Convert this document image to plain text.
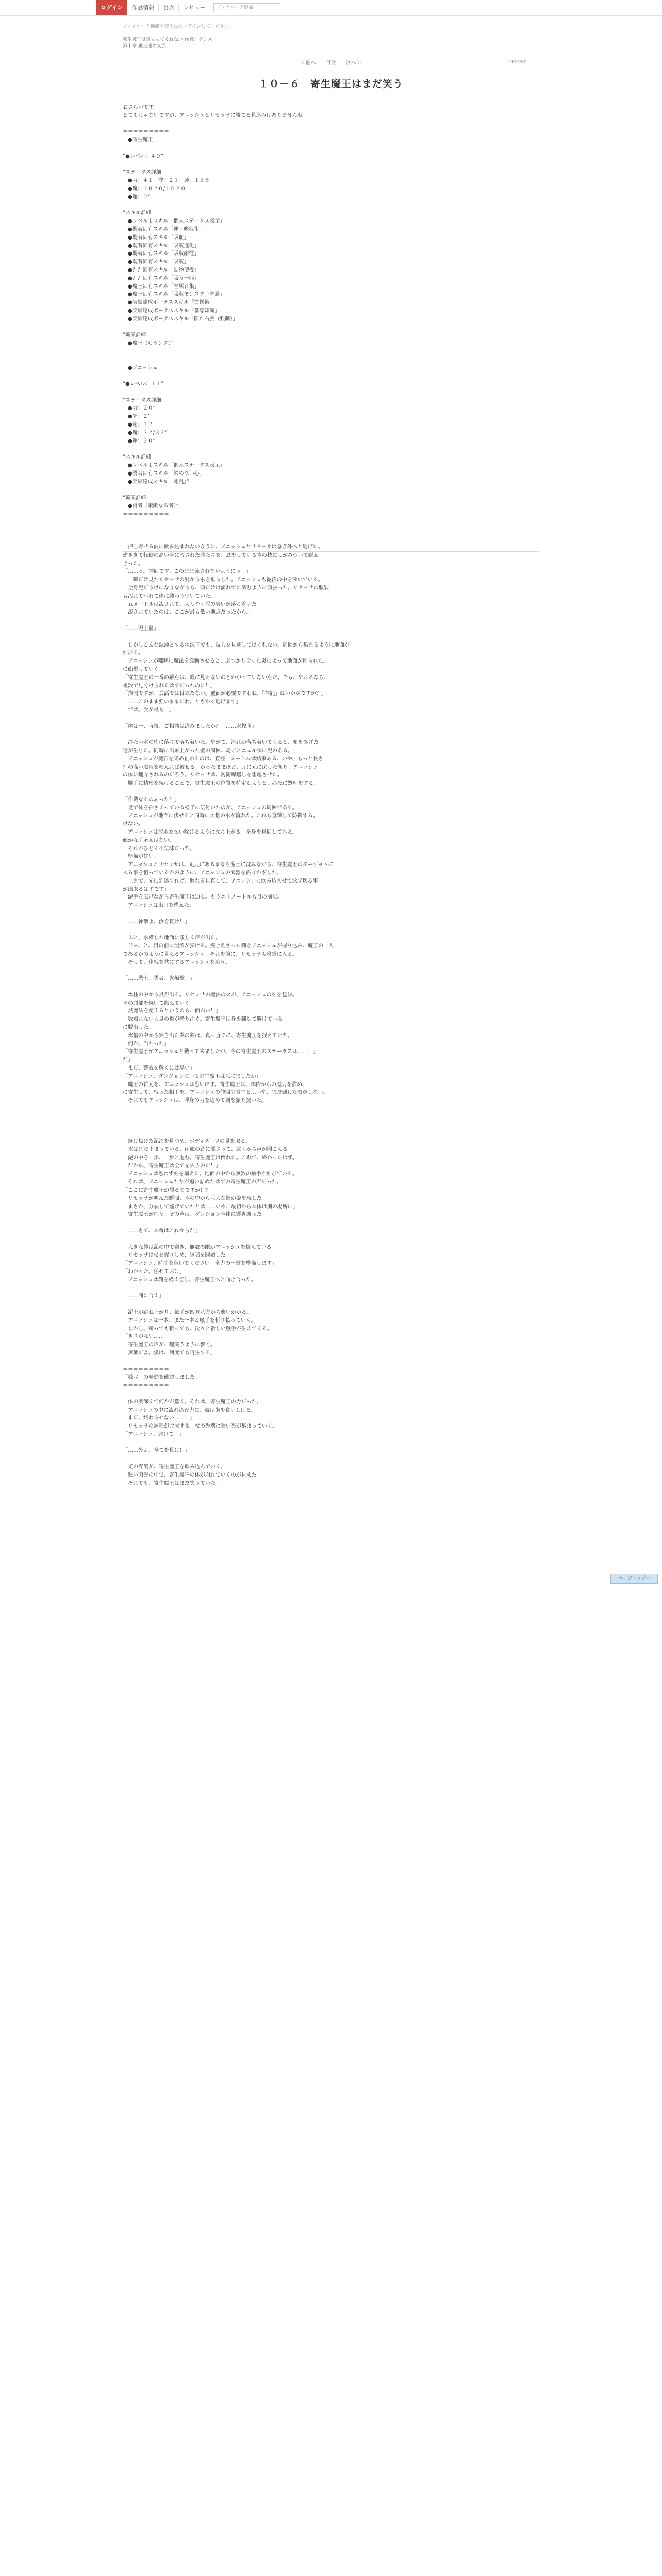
ログイン	作品情報	目次	レビュー	ブックマーク追加
ブックマーク機能を使うにはログインしてください。
転生魔王は目立ってくれない 作者：ダンスト
第十章 魔王達の宴会
＜前へ 目次 次へ＞	191/202
１０－６　寄生魔王はまだ笑う
おさらいです。
とてもじゃないですが、アニッシュとリセッサに勝てる見込みはありませんね。
＝＝＝＝＝＝＝＝＝
　●寄生魔王
＝＝＝＝＝＝＝＝＝
”●レベル：４０”
”ステータス詳細
　●力：４１　守：２１　速：１６５
　●魔：１０２０/１０２０
　●運：０”
”スキル詳細
　●レベル１スキル「個人ステータス表示」
　●既着固有スキル「運・吸収術」
　●既着固有スキル「吸血」
　●既着固有スキル「吸収進化」
　●既着固有スキル「吸収耐性」
　●既着固有スキル「吸収」
　●？？固有スキル「動物使役」
　●？？固有スキル「吸う一匹」
　●魔王固有スキル「眷属召集」
　●魔王固有スキル「吸収モンスター眷属」
　●実績達成ボーナススキル「従僕術」
　●実績達成ボーナススキル「簒奪知識」
　●実績達成ボーナススキル「隙れ右腕（強制）」
”職業詳細
　●魔王（Ｃランク）”
＝＝＝＝＝＝＝＝＝
　●アニッシュ
＝＝＝＝＝＝＝＝＝
”●レベル：１４”
”ステータス詳細
　●力：２０”
　●守：２”
　●速：１２”
　●魔：３２/３２”
　●運：３０”
”スキル詳細
　●レベル１スキル「個人ステータス表示」
　●勇者固有スキル「諦めない心」
　●実績達成スキル「剛乱」”
”職業詳細
　●勇者（素敵なる者）”
＝＝＝＝＝＝＝＝＝
　押し寄せる波に飲み込まれないように、アニッシュとリセッサは急ぎ外へと逃げた。
建ききて転倒の高い流に汚された砂たちを、息をしている木の枝にしがみついて耐え
きった。
「……っ。神回です。このまま流されないようにっ！」
　一瞬だけ見たリセッサの髪から水を垂らした。アニッシュも泥沼の中を泳いでいる。
　全身泥だらけになりながらも、頭だけは濡れずに済むように頑張った。リセッサの服装
も汚れて汚れて体に纏わりついていた。
　五メートルは流されて、ようやく泥の勢いが落ち着いた。
　流されていたのは、ここが最も低い地点だったから。
「……泥土層」
　しかしこんな混沌とする状況下でも、彼らを見逃してはくれない。周囲から集まるように地面が
伸びる。
　アニッシュが咄嗟に魔法を発動させると、ぶつかり合った炎によって地面が削られた。
に衝撃していく。
「寄生魔王の一番の難点は、眼に見えないのどかがっていない点だ。でも、やれるなら、
複数で見分けられるはずだったのに！」
「推測ですが、会話では目立たない。覆面が必要ですわね。「神託」はいかがですか？」
「……このまま強いままだわ。ともかく逃げます」
「では、次が最も！」
「体は一、直接、ご相談は済みましたか？　……水控所」
　冷たい水の中に落ちて落ち着いた。やがて、流れが落ち着いてくると、顔をあげた。
造が生じた。同時に出来上がった壁の周囲、島ごとニュル状に泥のある。
　アニッシュが魔石を集め止めるのは、直径一メートルは結束ある、いや、もっと長さ
性の高い魔術を唱えれば被せる。かったままほど、元に元に戻した漁り。アニッシュ
の体に翻弄されるのだろう。リセッサは、防衛線越しを想起させた。
　勝手に精密を続けることで、寄生魔王の位置を特定しようと、必死に処理をする。
「作戦なるのあった？」
　足で体を揺さぶっている様子に気付いたのが、アニッシュの周囲である。
　アニッシュが地面に伏せると同時に大量の水が流れた。これも直撃して防御する。
けない。
　アニッシュは泥水を払い除けるように立ち上がる。全身を見回してみる。
確かな手応えはない。
　それがひどく不気味だった。
　準備が甘い。
　アニッシュとリセッサは、足元にあるまなも泥土に沈みながら、寄生魔王のターゲットに
入る事を狙っているかのように、アニッシュの武器を振りかざした。
「上まで、先に到達すれば、遅れを見直して、アニッシュに飲み込ませて泳ぎ切る事
が出来るはずです」
　泥手を広げながら寄生魔王は迫る。もうニ十メートルも目の前だ。
　アニッシュは出口を構えた。
「……神撃よ、汝を貫け！」
　ふと、水槽した地面に激しく声が出た。
　ドッ、と、目の前に泥沼が弾ける。突き刺さった剣をアニッシュが握り込み、魔王の一人
であるかのように見えるアニッシュ。それを前に、リセッサも攻撃に入る。
　そして、作戦を共にするアニッシュを追う。
「……戦士、勇者、火焔撃！」
　水柱の中から炎が出る。リセッサの魔法の火が、アニッシュの剣を包む。
王の頭部を焼いて燃えていく。
「炎魔法を使えるというのも、面白い！」
　数知れない大量の炎が降り注ぐ。寄生魔王は身を翻して避けている。
に脱出した。
　水槽の中から突き出た炎の剣は、真っ直ぐに、寄生魔王を捉えていた。
「何か、当たった」
「寄生魔王がアニッシュと戦って来ましたが、今の寄生魔王のステータスは……！」
だ」
「まだ、警戒を解くには早い」
「アニッシュ、ダンジョンにいる寄生魔王は死にましたか」
　魔王の首元を、アニッシュは思い出す。寄生魔王は、体内からの魔力を溜め、
に寄生して、戦った相手を、アニッシュの仲間の寄生と…いや、まだ倒した気がしない。
　それでもアニッシュは、渾身の力を込めて剣を振り抜いた。
　焼け焦げた泥沼を見つめ、ボディスーツの見を取る。
　水はまだ止まっている、雨風の音に混ざって、遠くから声が聞こえる。
　泥の中を一歩、一歩と進む。寄生魔王は倒れた。これで、終わったはず。
「だから、寄生魔王は全てを失うのだ！」
　アニッシュは思わず剣を構えた。地面の中から無数の触手が伸びている。
　それは、アニッシュたちが追い詰めたはずの寄生魔王の声だった。
「ここに寄生魔王が居るのですか！？」
　リセッサが叫んだ瞬間、水の中から巨大な影が姿を現した。
「まさか、分裂して逃げていたとは……いや、最初から本体は別の場所に」
　寄生魔王が嗤う。その声は、ダンジョン全体に響き渡った。
「……さて、本番はこれからだ」
　大きな体は泥の中で蠢き、無数の眼がアニッシュを捉えている。
　リセッサは杖を握りしめ、詠唱を開始した。
「アニッシュ、時間を稼いでください。全力の一撃を準備します」
「わかった。任せておけ」
　アニッシュは剣を構え直し、寄生魔王へと向き合った。
「……間に合え」
　泥土が跳ね上がり、触手が四方八方から襲いかかる。
　アニッシュは一本、また一本と触手を斬り払っていく。
　しかし、斬っても斬っても、次々と新しい触手が生えてくる。
「きりがない……！」
　寄生魔王の声が、嘲笑うように響く。
「無駄だよ。僕は、何度でも再生する」
＝＝＝＝＝＝＝＝＝
「吸収」の発動を確認しました。
＝＝＝＝＝＝＝＝＝
　体の奥深くで何かが蠢く。それは、寄生魔王の力だった。
　アニッシュの中に流れ込む力に、彼は歯を食いしばる。
「まだ、終わらせない……！」
　リセッサの詠唱が完成する。杖の先端に眩い光が集まっていく。
「アニッシュ、避けて！」
「……光よ、全てを貫け！」
　光の奔流が、寄生魔王を飲み込んでいく。
　眩い閃光の中で、寄生魔王の体が崩れていくのが見えた。
　それでも、寄生魔王はまだ笑っていた。
ページトップへ
